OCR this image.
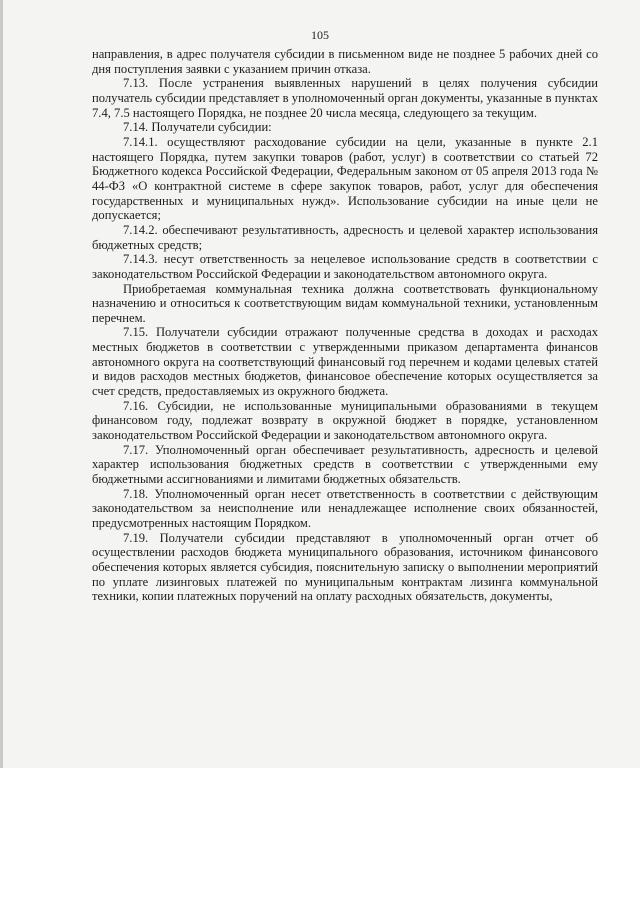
105

направления, в адрес получателя субсидии в письменном виде не позднее 5 рабочих дней со дня поступления заявки с указанием причин отказа.

7.13. После устранения выявленных нарушений в целях получения субсидии получатель субсидии представляет в уполномоченный орган документы, указанные в пунктах 7.4, 7.5 настоящего Порядка, не позднее 20 числа месяца, следующего за текущим.

7.14. Получатели субсидии:

7.14.1. осуществляют расходование субсидии на цели, указанные в пункте 2.1 настоящего Порядка, путем закупки товаров (работ, услуг) в соответствии со статьей 72 Бюджетного кодекса Российской Федерации, Федеральным законом от 05 апреля 2013 года № 44-ФЗ «О контрактной системе в сфере закупок товаров, работ, услуг для обеспечения государственных и муниципальных нужд». Использование субсидии на иные цели не допускается;

7.14.2. обеспечивают результативность, адресность и целевой характер использования бюджетных средств;

7.14.3. несут ответственность за нецелевое использование средств в соответствии с законодательством Российской Федерации и законодательством автономного округа.

Приобретаемая коммунальная техника должна соответствовать функциональному назначению и относиться к соответствующим видам коммунальной техники, установленным перечнем.

7.15. Получатели субсидии отражают полученные средства в доходах и расходах местных бюджетов в соответствии с утвержденными приказом департамента финансов автономного округа на соответствующий финансовый год перечнем и кодами целевых статей и видов расходов местных бюджетов, финансовое обеспечение которых осуществляется за счет средств, предоставляемых из окружного бюджета.

7.16. Субсидии, не использованные муниципальными образованиями в текущем финансовом году, подлежат возврату в окружной бюджет в порядке, установленном законодательством Российской Федерации и законодательством автономного округа.

7.17. Уполномоченный орган обеспечивает результативность, адресность и целевой характер использования бюджетных средств в соответствии с утвержденными ему бюджетными ассигнованиями и лимитами бюджетных обязательств.

7.18. Уполномоченный орган несет ответственность в соответствии с действующим законодательством за неисполнение или ненадлежащее исполнение своих обязанностей, предусмотренных настоящим Порядком.

7.19. Получатели субсидии представляют в уполномоченный орган отчет об осуществлении расходов бюджета муниципального образования, источником финансового обеспечения которых является субсидия, пояснительную записку о выполнении мероприятий по уплате лизинговых платежей по муниципальным контрактам лизинга коммунальной техники, копии платежных поручений на оплату расходных обязательств, документы,
